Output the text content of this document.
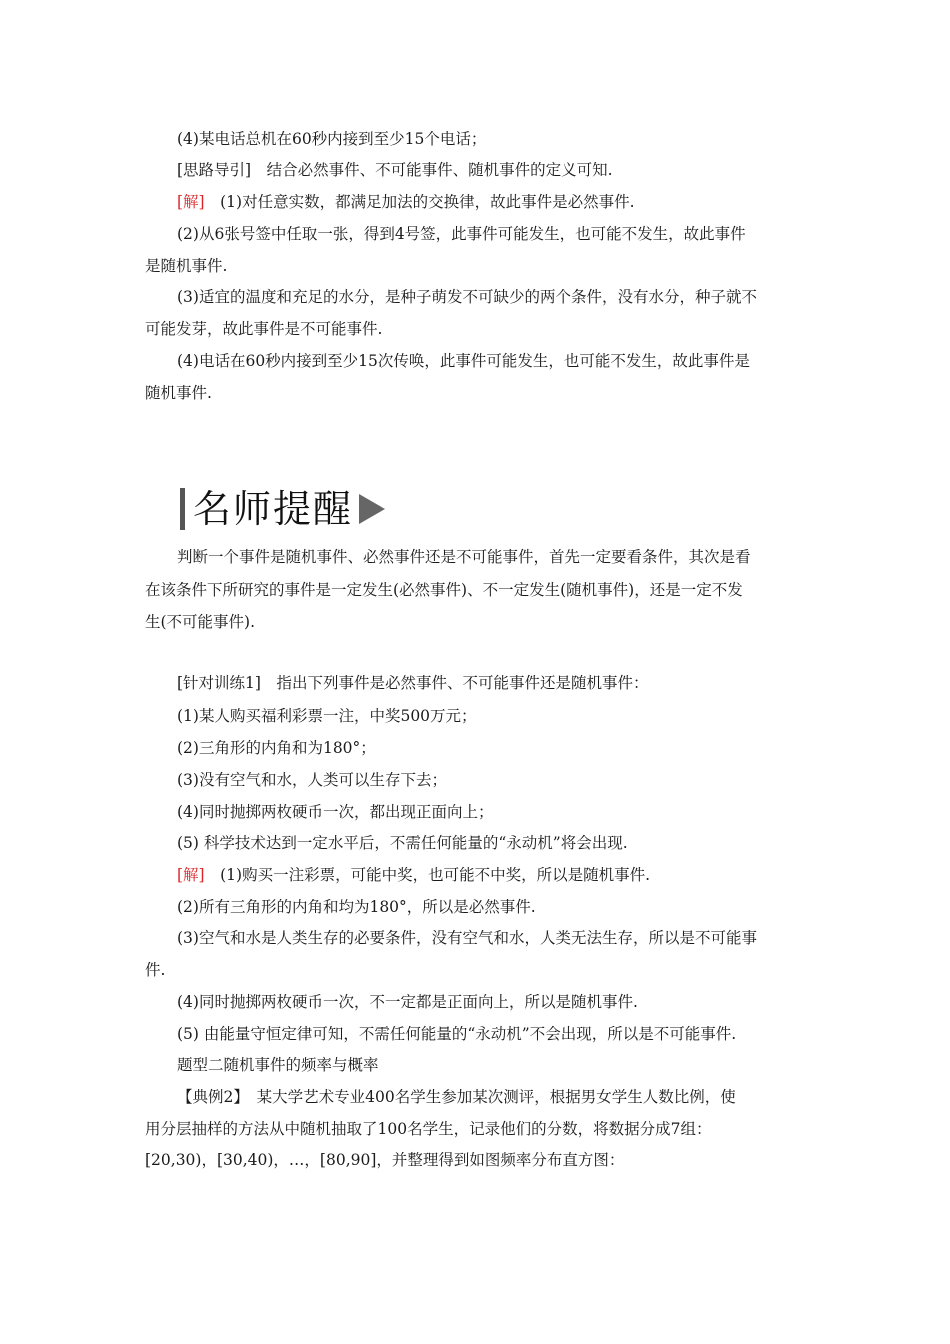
(4)某电话总机在60秒内接到至少15个电话；
[思路导引]　结合必然事件、不可能事件、随机事件的定义可知.
[解]　(1)对任意实数，都满足加法的交换律，故此事件是必然事件.
(2)从6张号签中任取一张，得到4号签，此事件可能发生，也可能不发生，故此事件
是随机事件.
(3)适宜的温度和充足的水分，是种子萌发不可缺少的两个条件，没有水分，种子就不
可能发芽，故此事件是不可能事件.
(4)电话在60秒内接到至少15次传唤，此事件可能发生，也可能不发生，故此事件是
随机事件.
名师提醒
判断一个事件是随机事件、必然事件还是不可能事件，首先一定要看条件，其次是看
在该条件下所研究的事件是一定发生(必然事件)、不一定发生(随机事件)，还是一定不发
生(不可能事件).
[针对训练1]　指出下列事件是必然事件、不可能事件还是随机事件：
(1)某人购买福利彩票一注，中奖500万元；
(2)三角形的内角和为180°；
(3)没有空气和水，人类可以生存下去；
(4)同时抛掷两枚硬币一次，都出现正面向上；
(5) 科学技术达到一定水平后，不需任何能量的“永动机”将会出现.
[解]　(1)购买一注彩票，可能中奖，也可能不中奖，所以是随机事件.
(2)所有三角形的内角和均为180°，所以是必然事件.
(3)空气和水是人类生存的必要条件，没有空气和水，人类无法生存，所以是不可能事
件.
(4)同时抛掷两枚硬币一次，不一定都是正面向上，所以是随机事件.
(5) 由能量守恒定律可知，不需任何能量的“永动机”不会出现，所以是不可能事件.
题型二随机事件的频率与概率
【典例2】　某大学艺术专业400名学生参加某次测评，根据男女学生人数比例，使
用分层抽样的方法从中随机抽取了100名学生，记录他们的分数，将数据分成7组：
[20,30)，[30,40)，…，[80,90]，并整理得到如图频率分布直方图：
